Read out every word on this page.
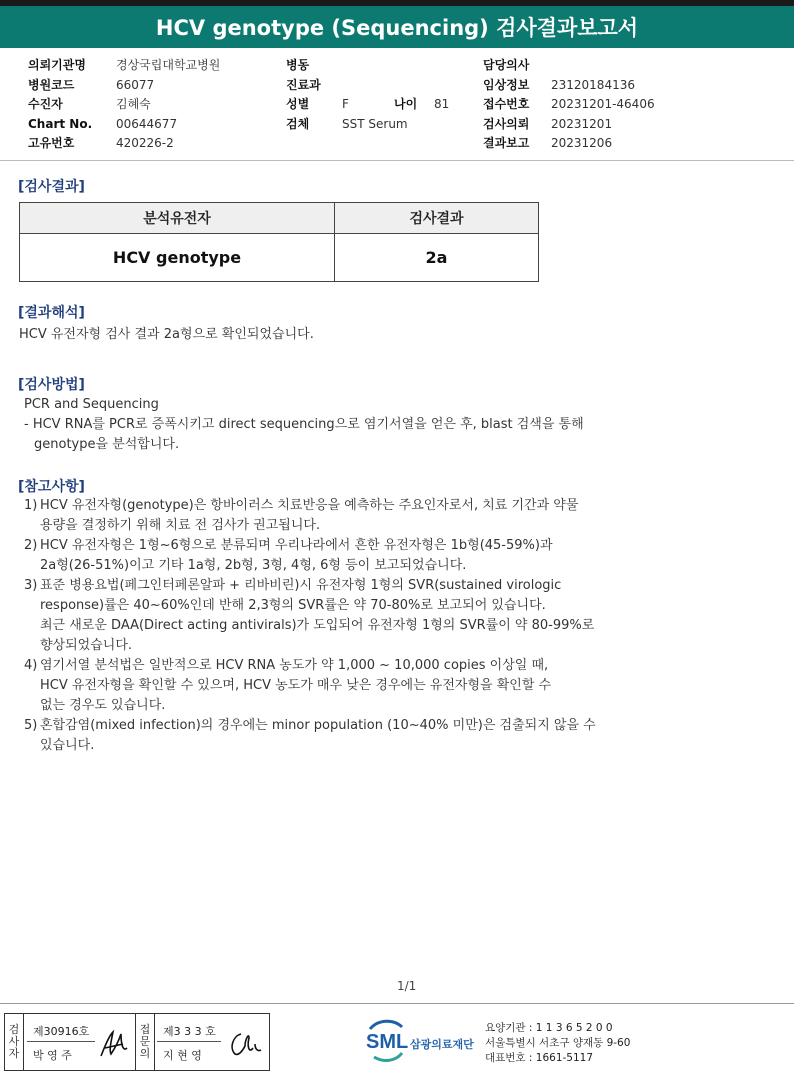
HCV genotype (Sequencing) 검사결과보고서
의뢰기관명	경상국립대학교병원
병원코드	66077
수진자	김혜숙
Chart No. 00644677
고유번호	420226-2
병동
진료과
성별	F	나이 81
검체	SST Serum
담당의사
임상정보 23120184136
접수번호 20231201-46406
검사의뢰 20231201
결과보고 20231206
[검사결과]
분석유전자	검사결과
HCV genotype	2a
[결과해석]
HCV 유전자형 검사 결과 2a형으로 확인되었습니다.
[검사방법]
PCR and Sequencing
- HCV RNA를 PCR로 증폭시키고 direct sequencing으로 염기서열을 얻은 후, blast 검색을 통해
genotype을 분석합니다.
[참고사항]
1) HCV 유전자형(genotype)은 항바이러스 치료반응을 예측하는 주요인자로서, 치료 기간과 약물
용량을 결정하기 위해 치료 전 검사가 권고됩니다.
2) HCV 유전자형은 1형~6형으로 분류되며 우리나라에서 흔한 유전자형은 1b형(45-59%)과
2a형(26-51%)이고 기타 1a형, 2b형, 3형, 4형, 6형 등이 보고되었습니다.
3) 표준 병용요법(페그인터페론알파 + 리바비린)시 유전자형 1형의 SVR(sustained virologic
response)률은 40~60%인데 반해 2,3형의 SVR률은 약 70-80%로 보고되어 있습니다.
최근 새로운 DAA(Direct acting antivirals)가 도입되어 유전자형 1형의 SVR률이 약 80-99%로
향상되었습니다.
4) 염기서열 분석법은 일반적으로 HCV RNA 농도가 약 1,000 ~ 10,000 copies 이상일 때,
HCV 유전자형을 확인할 수 있으며, HCV 농도가 매우 낮은 경우에는 유전자형을 확인할 수
없는 경우도 있습니다.
5) 혼합감염(mixed infection)의 경우에는 minor population (10~40% 미만)은 검출되지 않을 수
있습니다.
1/1
검
사
자
제30916호
박 영 주
접
문
의
제3 3 3 호
지 현 영
SML 삼광의료재단
요양기관 : 1 1 3 6 5 2 0 0
서울특별시 서초구 양재동 9-60
대표번호 : 1661-5117
